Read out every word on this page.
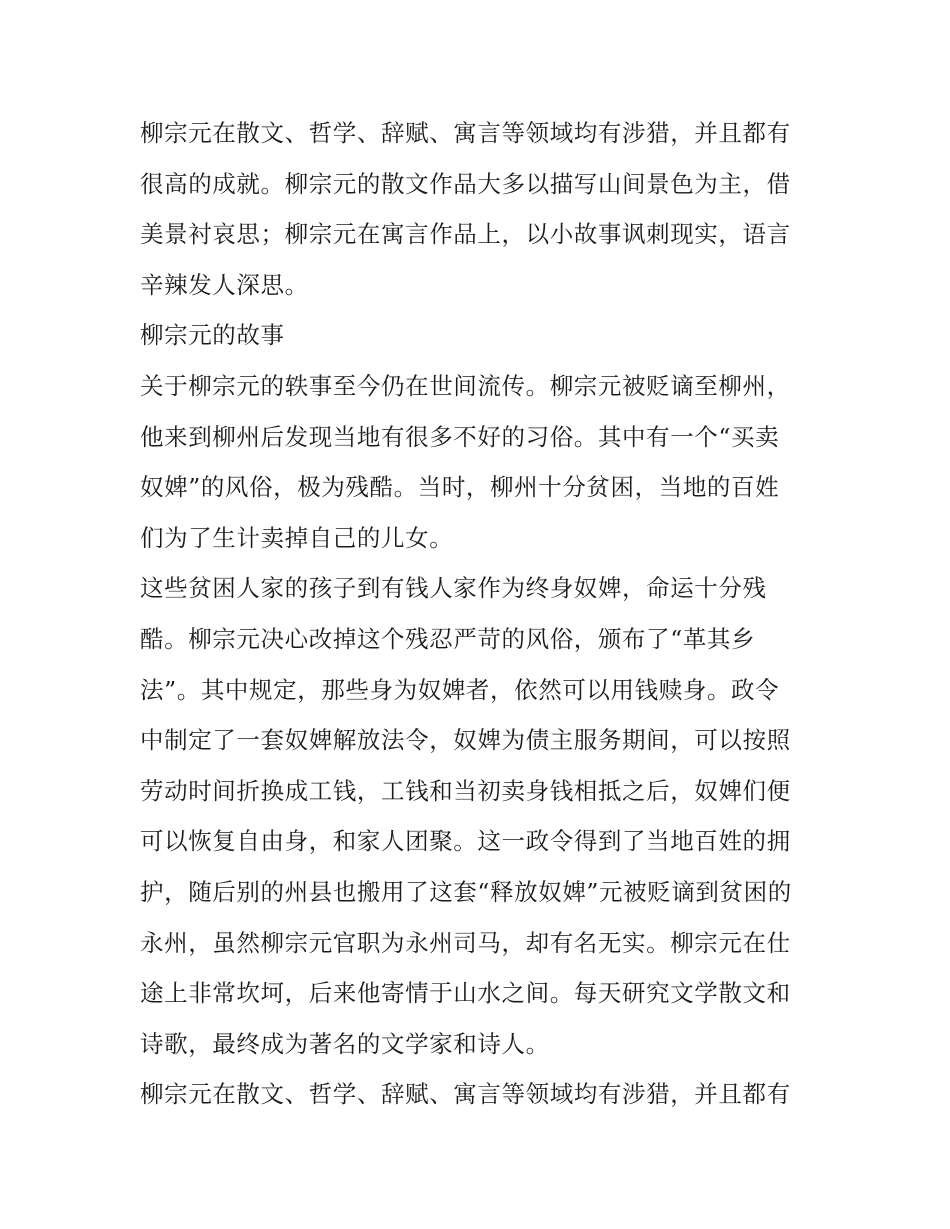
柳宗元在散文、哲学、辞赋、寓言等领域均有涉猎，并且都有
很高的成就。柳宗元的散文作品大多以描写山间景色为主，借
美景衬哀思；柳宗元在寓言作品上，以小故事讽刺现实，语言
辛辣发人深思。
柳宗元的故事
关于柳宗元的轶事至今仍在世间流传。柳宗元被贬谪至柳州，
他来到柳州后发现当地有很多不好的习俗。其中有一个“买卖
奴婢”的风俗，极为残酷。当时，柳州十分贫困，当地的百姓
们为了生计卖掉自己的儿女。
这些贫困人家的孩子到有钱人家作为终身奴婢，命运十分残
酷。柳宗元决心改掉这个残忍严苛的风俗，颁布了“革其乡
法”。其中规定，那些身为奴婢者，依然可以用钱赎身。政令
中制定了一套奴婢解放法令，奴婢为债主服务期间，可以按照
劳动时间折换成工钱，工钱和当初卖身钱相抵之后，奴婢们便
可以恢复自由身，和家人团聚。这一政令得到了当地百姓的拥
护，随后别的州县也搬用了这套“释放奴婢”元被贬谪到贫困的
永州，虽然柳宗元官职为永州司马，却有名无实。柳宗元在仕
途上非常坎坷，后来他寄情于山水之间。每天研究文学散文和
诗歌，最终成为著名的文学家和诗人。
柳宗元在散文、哲学、辞赋、寓言等领域均有涉猎，并且都有
